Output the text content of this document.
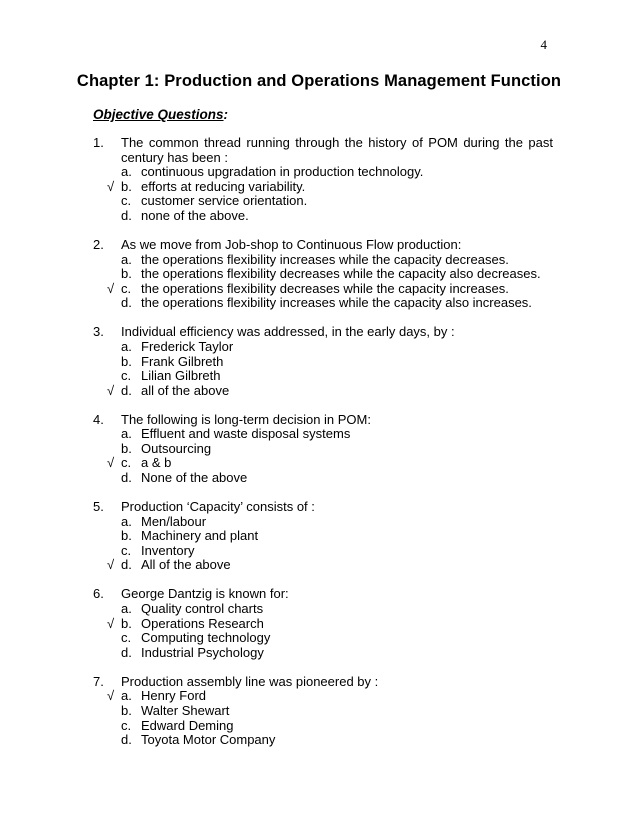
4
Chapter 1: Production and Operations Management Function
Objective Questions:
1.	The common thread running through the history of POM during the past century has been :
a. continuous upgradation in production technology.
√ b. efforts at reducing variability.
c. customer service orientation.
d. none of the above.
2.	As we move from Job-shop to Continuous Flow production:
a. the operations flexibility increases while the capacity decreases.
b. the operations flexibility decreases while the capacity also decreases.
√ c. the operations flexibility decreases while the capacity increases.
d. the operations flexibility increases while the capacity also increases.
3.	Individual efficiency was addressed, in the early days, by :
a. Frederick Taylor
b. Frank Gilbreth
c. Lilian Gilbreth
√ d. all of the above
4.	The following is long-term decision in POM:
a. Effluent and waste disposal systems
b. Outsourcing
√ c. a & b
d. None of the above
5.	Production ‘Capacity’ consists of :
a. Men/labour
b. Machinery and plant
c. Inventory
√ d. All of the above
6.	George Dantzig is known for:
a. Quality control charts
√ b. Operations Research
c. Computing technology
d. Industrial Psychology
7.	Production assembly line was pioneered by :
√ a. Henry Ford
b. Walter Shewart
c. Edward Deming
d. Toyota Motor Company
